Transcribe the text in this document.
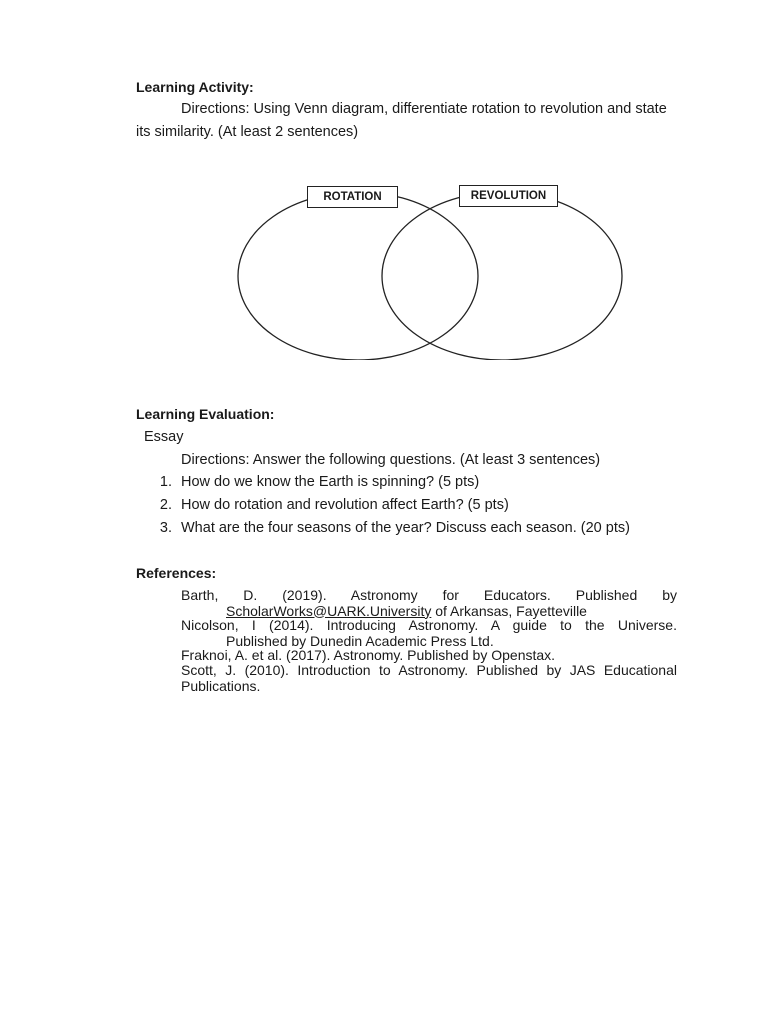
Learning Activity:
Directions: Using Venn diagram, differentiate rotation to revolution and state
its similarity. (At least 2 sentences)
ROTATION	REVOLUTION
Learning Evaluation:
Essay
Directions: Answer the following questions. (At least 3 sentences)
1. How do we know the Earth is spinning? (5 pts)
2. How do rotation and revolution affect Earth? (5 pts)
3. What are the four seasons of the year? Discuss each season. (20 pts)
References:
Barth, D. (2019). Astronomy for Educators. Published by
ScholarWorks@UARK.University of Arkansas, Fayetteville
Nicolson, I (2014). Introducing Astronomy. A guide to the Universe.
Published by Dunedin Academic Press Ltd.
Fraknoi, A. et al. (2017). Astronomy. Published by Openstax.
Scott, J. (2010). Introduction to Astronomy. Published by JAS Educational
Publications.
